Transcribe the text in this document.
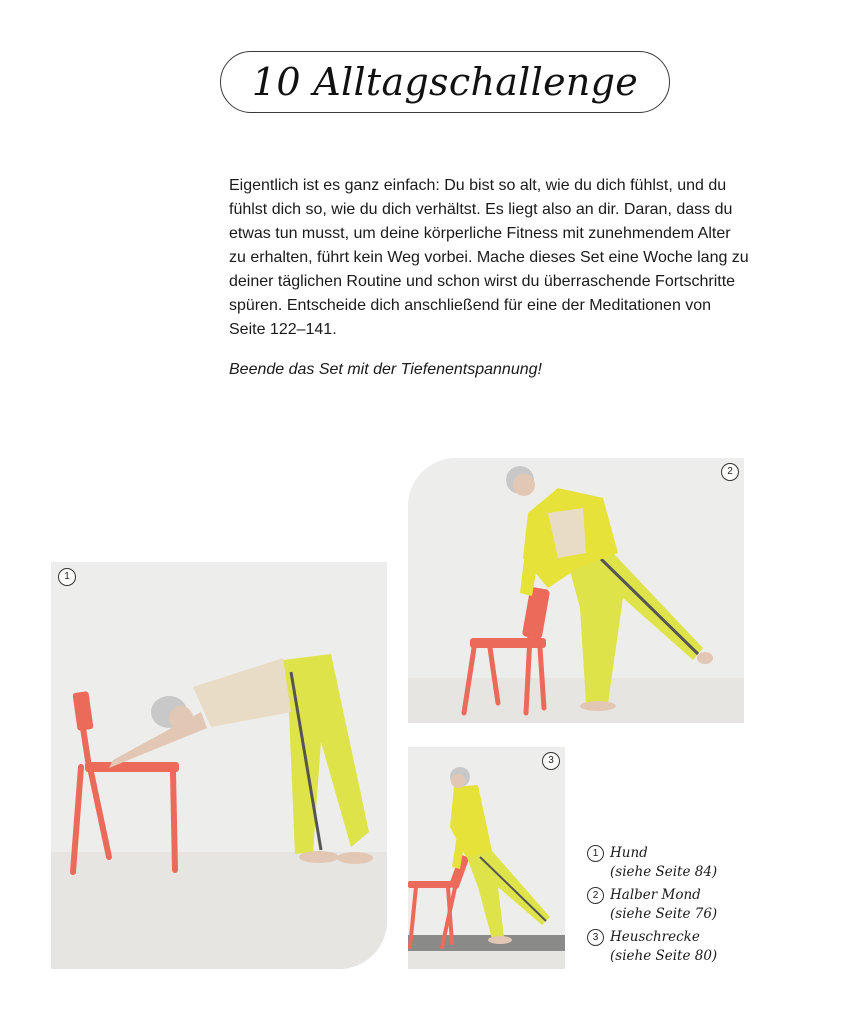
10 Alltagschallenge

Eigentlich ist es ganz einfach: Du bist so alt, wie du dich fühlst, und du fühlst dich so, wie du dich verhältst. Es liegt also an dir. Daran, dass du etwas tun musst, um deine körperliche Fitness mit zunehmendem Alter zu erhalten, führt kein Weg vorbei. Mache dieses Set eine Woche lang zu deiner täglichen Routine und schon wirst du überraschende Fortschritte spüren. Entscheide dich anschließend für eine der Meditationen von Seite 122–141.

Beende das Set mit der Tiefenentspannung!

1
2
3
1 Hund
(siehe Seite 84)
2 Halber Mond
(siehe Seite 76)
3 Heuschrecke
(siehe Seite 80)
